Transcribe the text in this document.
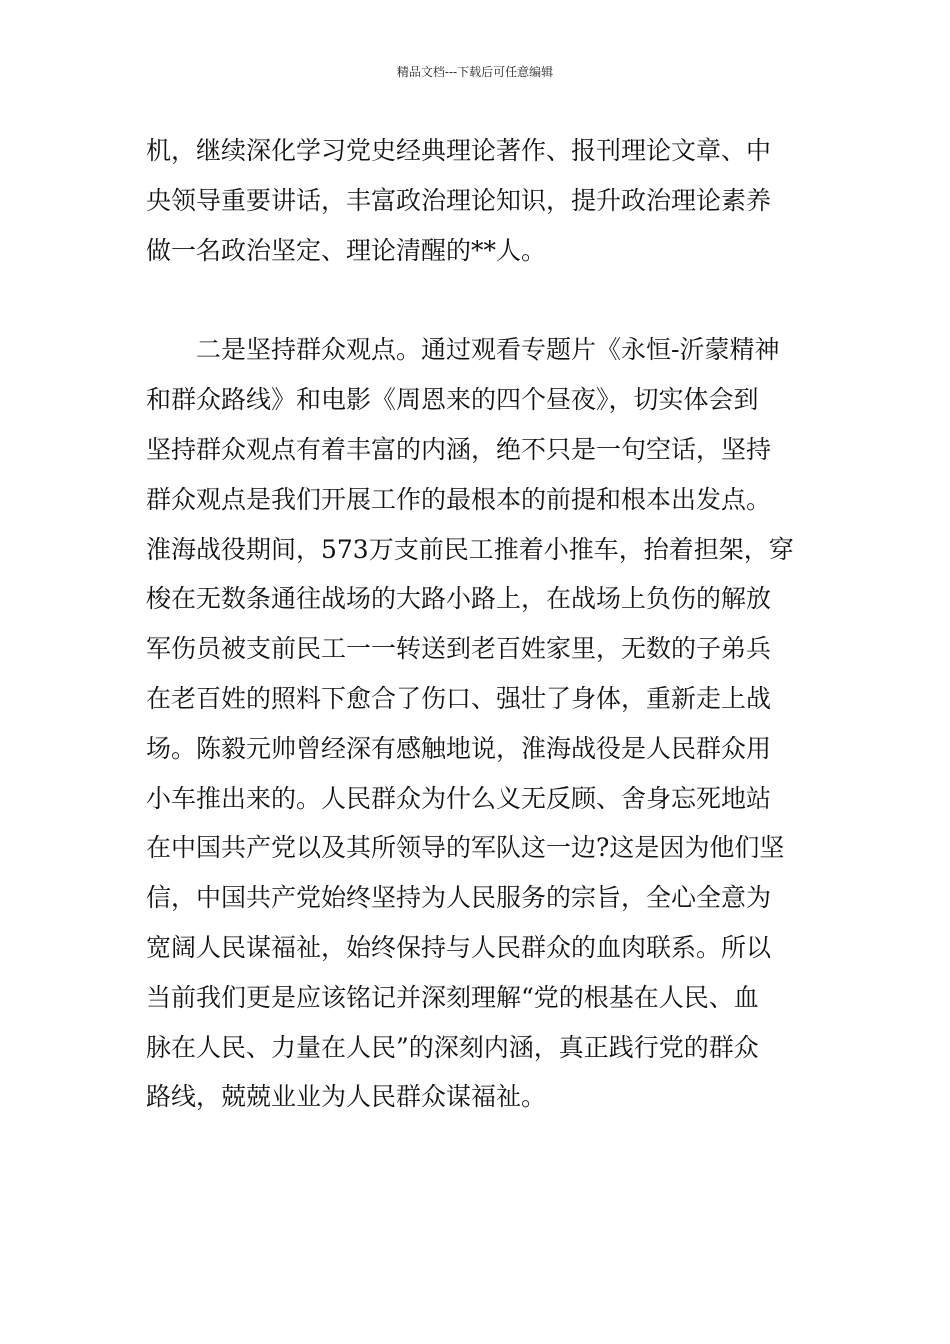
精品文档---下载后可任意编辑
机，继续深化学习党史经典理论著作、报刊理论文章、中
央领导重要讲话，丰富政治理论知识，提升政治理论素养
做一名政治坚定、理论清醒的**人。
　　二是坚持群众观点。通过观看专题片《永恒-沂蒙精神
和群众路线》和电影《周恩来的四个昼夜》，切实体会到
坚持群众观点有着丰富的内涵，绝不只是一句空话，坚持
群众观点是我们开展工作的最根本的前提和根本出发点。
淮海战役期间，573万支前民工推着小推车，抬着担架，穿
梭在无数条通往战场的大路小路上，在战场上负伤的解放
军伤员被支前民工一一转送到老百姓家里，无数的子弟兵
在老百姓的照料下愈合了伤口、强壮了身体，重新走上战
场。陈毅元帅曾经深有感触地说，淮海战役是人民群众用
小车推出来的。人民群众为什么义无反顾、舍身忘死地站
在中国共产党以及其所领导的军队这一边?这是因为他们坚
信，中国共产党始终坚持为人民服务的宗旨，全心全意为
宽阔人民谋福祉，始终保持与人民群众的血肉联系。所以
当前我们更是应该铭记并深刻理解“党的根基在人民、血
脉在人民、力量在人民”的深刻内涵，真正践行党的群众
路线，兢兢业业为人民群众谋福祉。
